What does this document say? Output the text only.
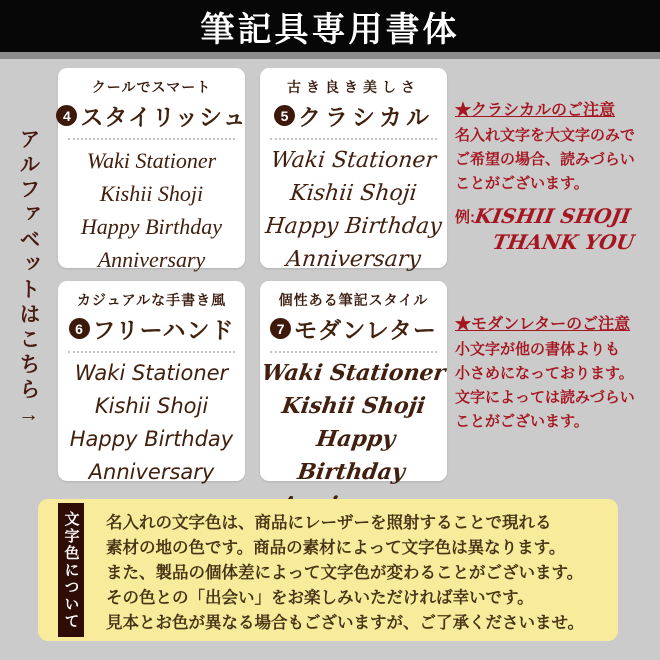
筆記具専用書体
アルファベットはこちら→
クールでスマート
4 スタイリッシュ
Waki Stationer
Kishii Shoji
Happy Birthday
Anniversary
古き良き美しさ
5 クラシカル
Waki Stationer
Kishii Shoji
Happy Birthday
Anniversary
カジュアルな手書き風
6 フリーハンド
Waki Stationer
Kishii Shoji
Happy Birthday
Anniversary
個性ある筆記スタイル
7 モダンレター
Waki Stationer
Kishii Shoji
Happy Birthday
★クラシカルのご注意
名入れ文字を大文字のみで
ご希望の場合、読みづらい
ことがございます。
例:
KISHII SHOJI
THANK YOU
★モダンレターのご注意
小文字が他の書体よりも
小さめになっております。
文字によっては読みづらい
ことがございます。
文字色について 名入れの文字色は、商品にレーザーを照射することで現れる
素材の地の色です。商品の素材によって文字色は異なります。
また、製品の個体差によって文字色が変わることがございます。
その色との「出会い」をお楽しみいただければ幸いです。
見本とお色が異なる場合もございますが、ご了承くださいませ。
